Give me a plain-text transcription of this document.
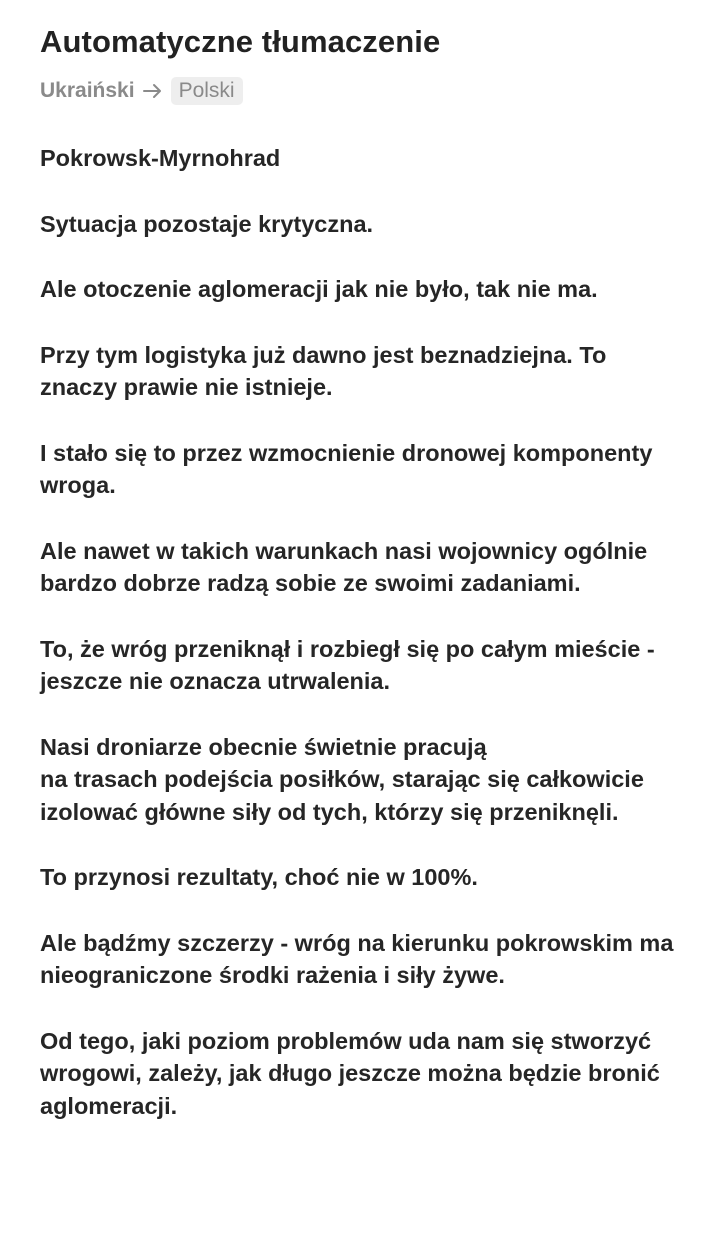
Automatyczne tłumaczenie
Ukraiński	Polski

Pokrowsk-Myrnohrad

Sytuacja pozostaje krytyczna.

Ale otoczenie aglomeracji jak nie było, tak nie ma.

Przy tym logistyka już dawno jest beznadziejna. To znaczy prawie nie istnieje.

I stało się to przez wzmocnienie dronowej komponenty wroga.

Ale nawet w takich warunkach nasi wojownicy ogólnie bardzo dobrze radzą sobie ze swoimi zadaniami.

To, że wróg przeniknął i rozbiegł się po całym mieście - jeszcze nie oznacza utrwalenia.

Nasi droniarze obecnie świetnie pracują
na trasach podejścia posiłków, starając się całkowicie izolować główne siły od tych, którzy się przeniknęli.

To przynosi rezultaty, choć nie w 100%.

Ale bądźmy szczerzy - wróg na kierunku pokrowskim ma nieograniczone środki rażenia i siły żywe.

Od tego, jaki poziom problemów uda nam się stworzyć wrogowi, zależy, jak długo jeszcze można będzie bronić aglomeracji.
